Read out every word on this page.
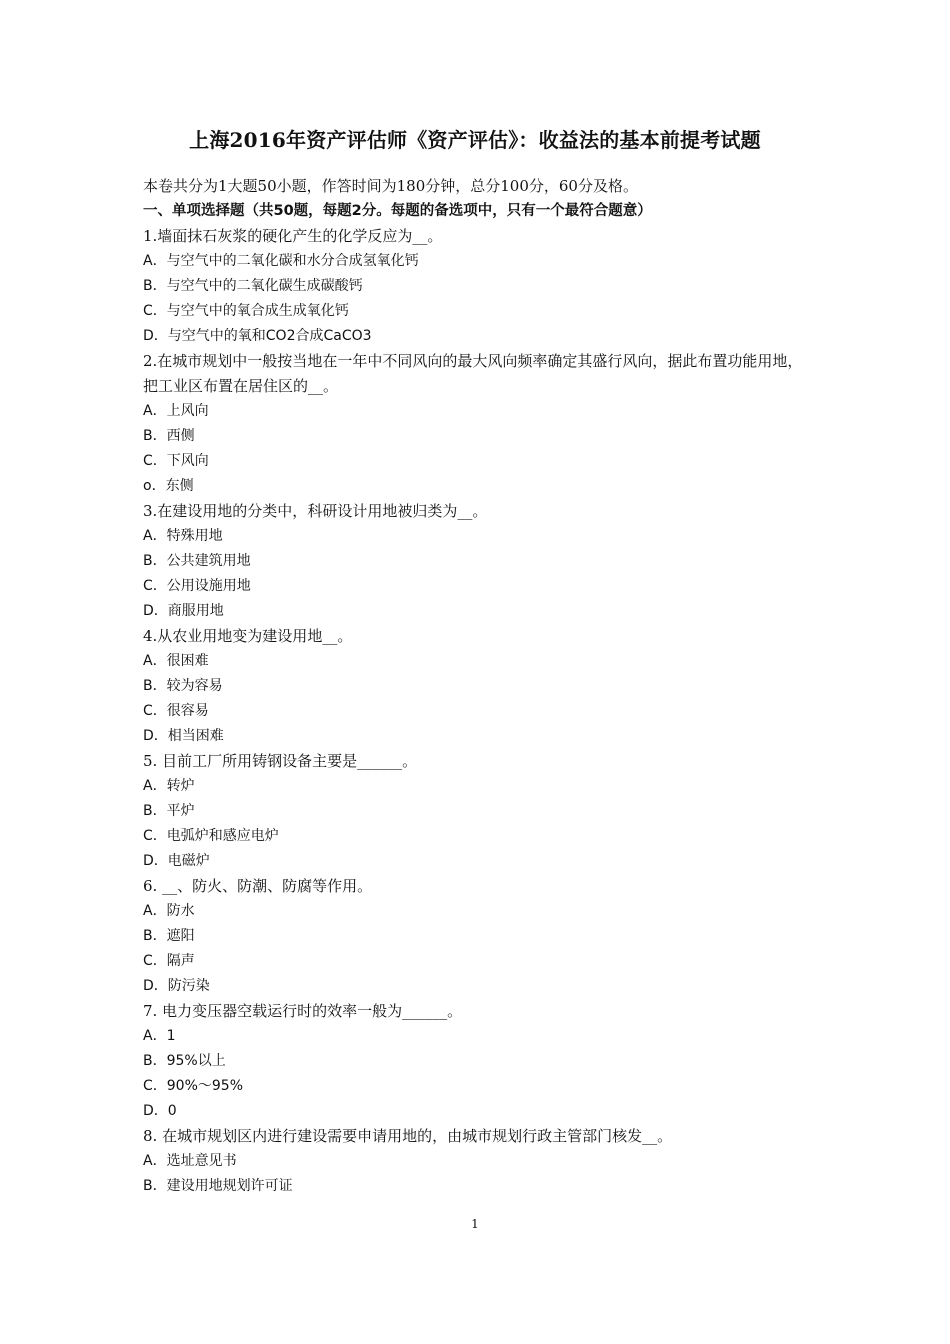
上海2016年资产评估师《资产评估》：收益法的基本前提考试题
本卷共分为1大题50小题，作答时间为180分钟，总分100分，60分及格。
一、单项选择题（共50题，每题2分。每题的备选项中，只有一个最符合题意）
1.墙面抹石灰浆的硬化产生的化学反应为__。
A．与空气中的二氧化碳和水分合成氢氧化钙
B．与空气中的二氧化碳生成碳酸钙
C．与空气中的氧合成生成氧化钙
D．与空气中的氧和CO2合成CaCO3
2.在城市规划中一般按当地在一年中不同风向的最大风向频率确定其盛行风向，据此布置功能用地，把工业区布置在居住区的__。
A．上风向
B．西侧
C．下风向
o．东侧
3.在建设用地的分类中，科研设计用地被归类为__。
A．特殊用地
B．公共建筑用地
C．公用设施用地
D．商服用地
4.从农业用地变为建设用地__。
A．很困难
B．较为容易
C．很容易
D．相当困难
5. 目前工厂所用铸钢设备主要是______。
A．转炉
B．平炉
C．电弧炉和感应电炉
D．电磁炉
6. __、防火、防潮、防腐等作用。
A．防水
B．遮阳
C．隔声
D．防污染
7. 电力变压器空载运行时的效率一般为______。
A．1
B．95%以上
C．90%～95%
D．0
8. 在城市规划区内进行建设需要申请用地的，由城市规划行政主管部门核发__。
A．选址意见书
B．建设用地规划许可证
1
